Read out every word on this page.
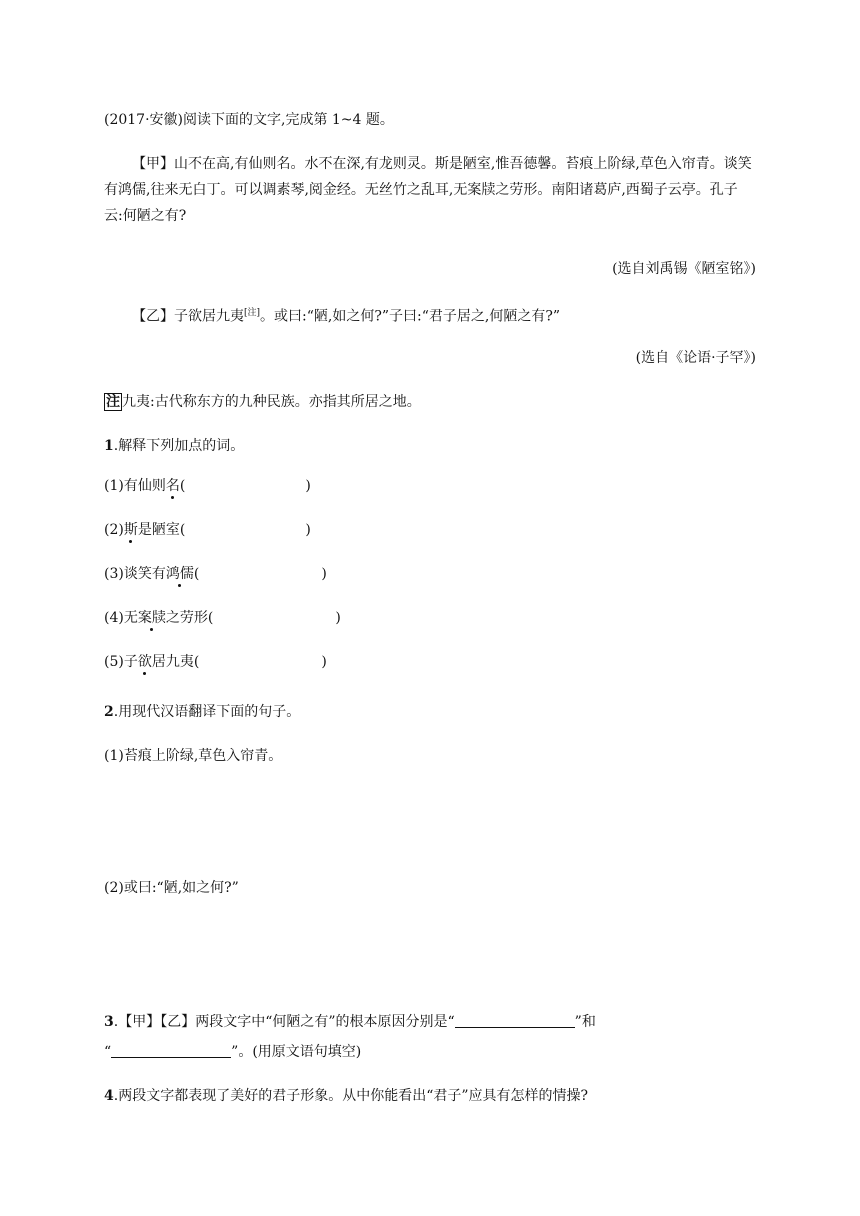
(2017·安徽)阅读下面的文字,完成第 1~4 题。
【甲】山不在高,有仙则名。水不在深,有龙则灵。斯是陋室,惟吾德馨。苔痕上阶绿,草色入帘青。谈笑有鸿儒,往来无白丁。可以调素琴,阅金经。无丝竹之乱耳,无案牍之劳形。南阳诸葛庐,西蜀子云亭。孔子云:何陋之有?
(选自刘禹锡《陋室铭》)
【乙】子欲居九夷[注]。或曰:“陋,如之何?”子曰:“君子居之,何陋之有?”
(选自《论语·子罕》)
注 九夷:古代称东方的九种民族。亦指其所居之地。
1.解释下列加点的词。
(1)有仙则名(	)
(2)斯是陋室(	)
(3)谈笑有鸿儒(	)
(4)无案牍之劳形(	)
(5)子欲居九夷(	)
2.用现代汉语翻译下面的句子。
(1)苔痕上阶绿,草色入帘青。
(2)或曰:“陋,如之何?”
3.【甲】【乙】两段文字中“何陋之有”的根本原因分别是“	”和
“	”。(用原文语句填空)
4.两段文字都表现了美好的君子形象。从中你能看出“君子”应具有怎样的情操?
